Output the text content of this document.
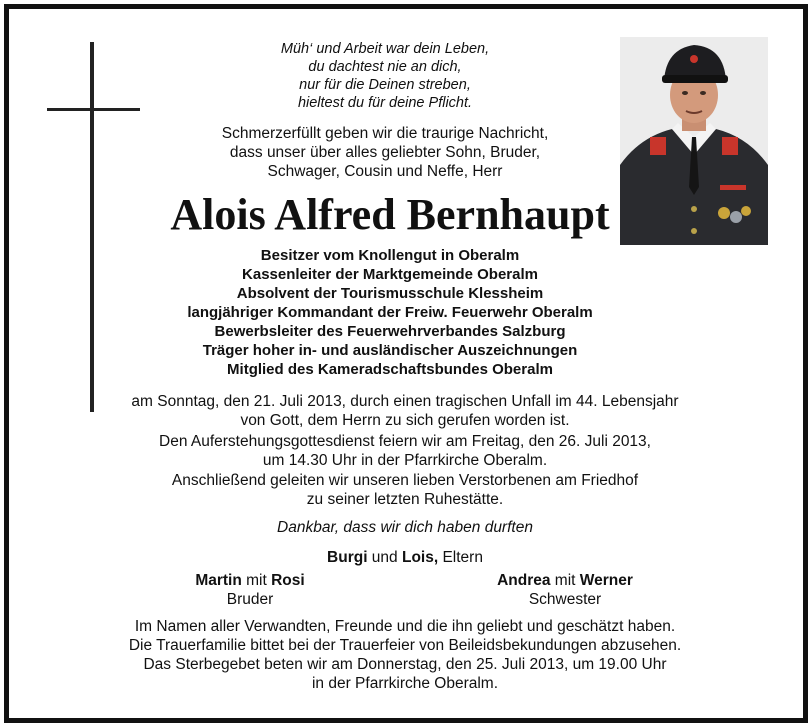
Müh‘ und Arbeit war dein Leben,
du dachtest nie an dich,
nur für die Deinen streben,
hieltest du für deine Pflicht.
Schmerzerfüllt geben wir die traurige Nachricht,
dass unser über alles geliebter Sohn, Bruder,
Schwager, Cousin und Neffe, Herr
Alois Alfred Bernhaupt
Besitzer vom Knollengut in Oberalm
Kassenleiter der Marktgemeinde Oberalm
Absolvent der Tourismusschule Klessheim
langjähriger Kommandant der Freiw. Feuerwehr Oberalm
Bewerbsleiter des Feuerwehrverbandes Salzburg
Träger hoher in- und ausländischer Auszeichnungen
Mitglied des Kameradschaftsbundes Oberalm
am Sonntag, den 21. Juli 2013, durch einen tragischen Unfall im 44. Lebensjahr
von Gott, dem Herrn zu sich gerufen worden ist.
Den Auferstehungsgottesdienst feiern wir am Freitag, den 26. Juli 2013,
um 14.30 Uhr in der Pfarrkirche Oberalm.
Anschließend geleiten wir unseren lieben Verstorbenen am Friedhof
zu seiner letzten Ruhestätte.
Dankbar, dass wir dich haben durften
Burgi und Lois, Eltern
Martin mit Rosi
Bruder
Andrea mit Werner
Schwester
Im Namen aller Verwandten, Freunde und die ihn geliebt und geschätzt haben.
Die Trauerfamilie bittet bei der Trauerfeier von Beileidsbekundungen abzusehen.
Das Sterbegebet beten wir am Donnerstag, den 25. Juli 2013, um 19.00 Uhr
in der Pfarrkirche Oberalm.
